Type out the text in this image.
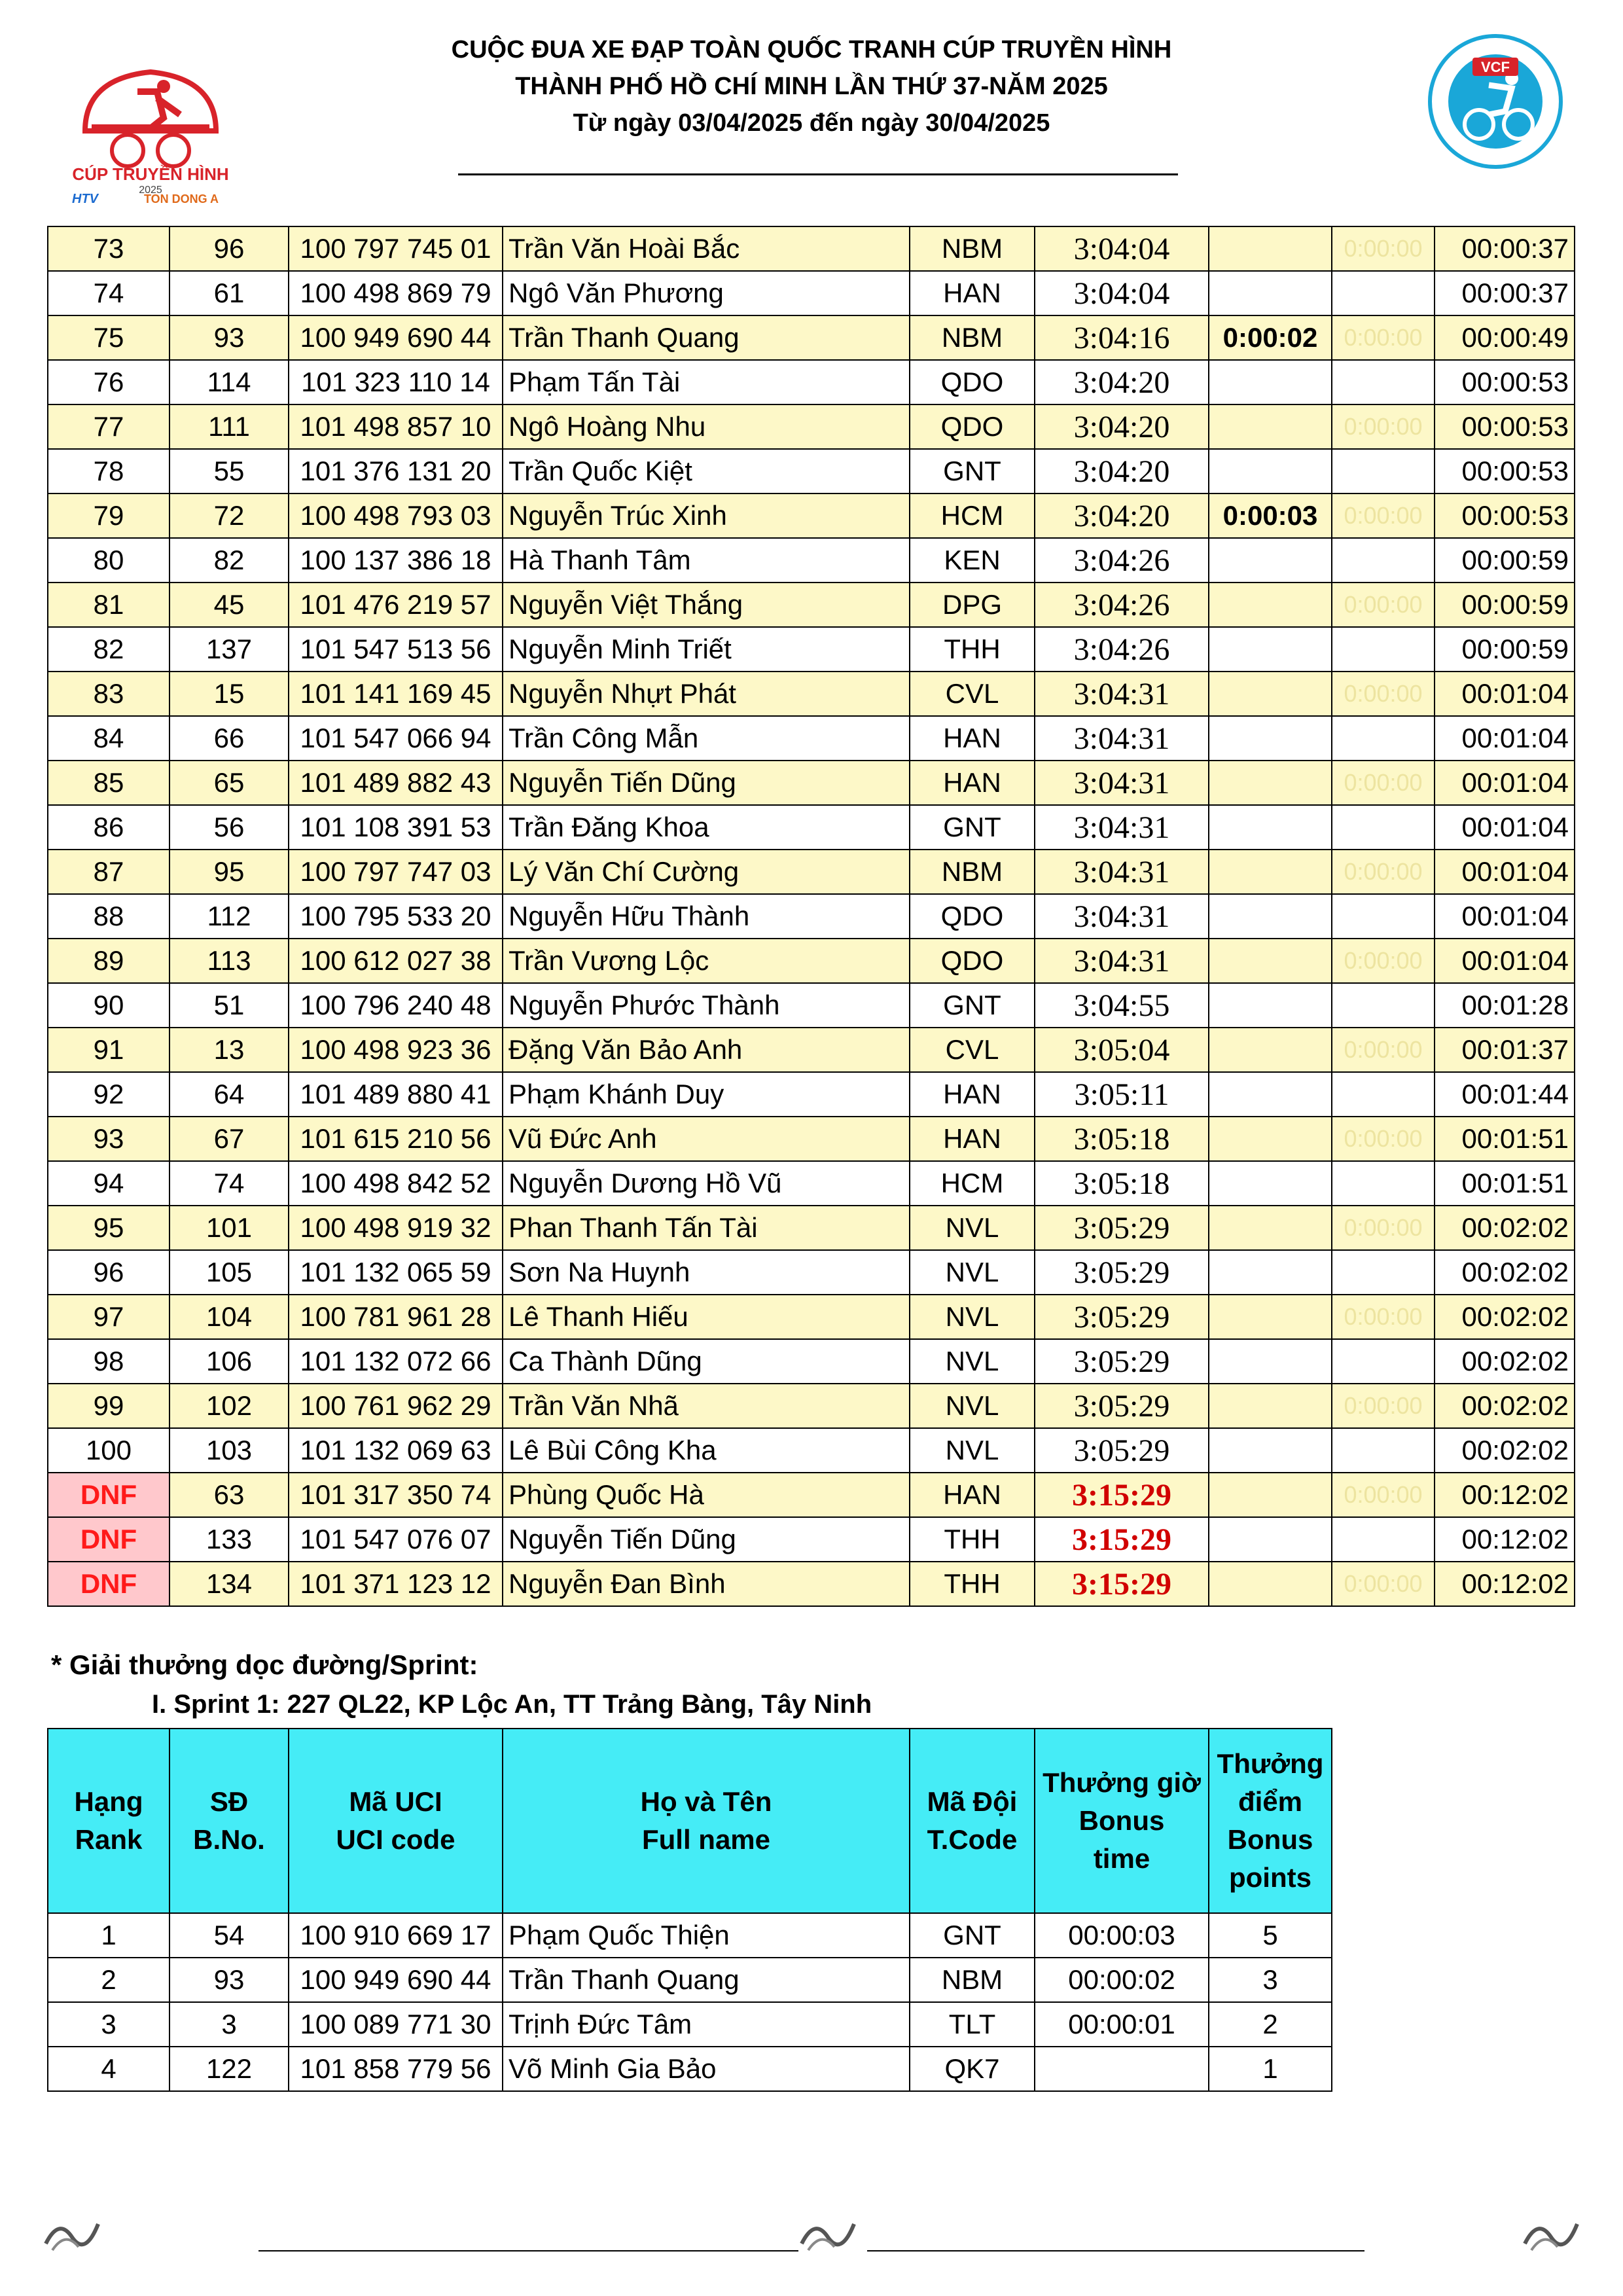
CÚP TRUYỀN HÌNH
2025
HTV	TON DONG A
CUỘC ĐUA XE ĐẠP TOÀN QUỐC TRANH CÚP TRUYỀN HÌNH
THÀNH PHỐ HỒ CHÍ MINH LẦN THỨ 37-NĂM 2025
Từ ngày 03/04/2025 đến ngày 30/04/2025
VCF
73	96	100 797 745 01	Trần Văn Hoài Bắc	NBM	3:04:04		0:00:00	00:00:37
74	61	100 498 869 79	Ngô Văn Phương	HAN	3:04:04			00:00:37
75	93	100 949 690 44	Trần Thanh Quang	NBM	3:04:16	0:00:02	0:00:00	00:00:49
76	114	101 323 110 14	Phạm Tấn Tài	QDO	3:04:20			00:00:53
77	111	101 498 857 10	Ngô Hoàng Nhu	QDO	3:04:20		0:00:00	00:00:53
78	55	101 376 131 20	Trần Quốc Kiệt	GNT	3:04:20			00:00:53
79	72	100 498 793 03	Nguyễn Trúc Xinh	HCM	3:04:20	0:00:03	0:00:00	00:00:53
80	82	100 137 386 18	Hà Thanh Tâm	KEN	3:04:26			00:00:59
81	45	101 476 219 57	Nguyễn Việt Thắng	DPG	3:04:26		0:00:00	00:00:59
82	137	101 547 513 56	Nguyễn Minh Triết	THH	3:04:26			00:00:59
83	15	101 141 169 45	Nguyễn Nhựt Phát	CVL	3:04:31		0:00:00	00:01:04
84	66	101 547 066 94	Trần Công Mẫn	HAN	3:04:31			00:01:04
85	65	101 489 882 43	Nguyễn Tiến Dũng	HAN	3:04:31		0:00:00	00:01:04
86	56	101 108 391 53	Trần Đăng Khoa	GNT	3:04:31			00:01:04
87	95	100 797 747 03	Lý Văn Chí Cường	NBM	3:04:31		0:00:00	00:01:04
88	112	100 795 533 20	Nguyễn Hữu Thành	QDO	3:04:31			00:01:04
89	113	100 612 027 38	Trần Vương Lộc	QDO	3:04:31		0:00:00	00:01:04
90	51	100 796 240 48	Nguyễn Phước Thành	GNT	3:04:55			00:01:28
91	13	100 498 923 36	Đặng Văn Bảo Anh	CVL	3:05:04		0:00:00	00:01:37
92	64	101 489 880 41	Phạm Khánh Duy	HAN	3:05:11			00:01:44
93	67	101 615 210 56	Vũ Đức Anh	HAN	3:05:18		0:00:00	00:01:51
94	74	100 498 842 52	Nguyễn Dương Hồ Vũ	HCM	3:05:18			00:01:51
95	101	100 498 919 32	Phan Thanh Tấn Tài	NVL	3:05:29		0:00:00	00:02:02
96	105	101 132 065 59	Sơn Na Huynh	NVL	3:05:29			00:02:02
97	104	100 781 961 28	Lê Thanh Hiếu	NVL	3:05:29		0:00:00	00:02:02
98	106	101 132 072 66	Ca Thành Dũng	NVL	3:05:29			00:02:02
99	102	100 761 962 29	Trần Văn Nhã	NVL	3:05:29		0:00:00	00:02:02
100	103	101 132 069 63	Lê Bùi Công Kha	NVL	3:05:29			00:02:02
DNF	63	101 317 350 74	Phùng Quốc Hà	HAN	3:15:29		0:00:00	00:12:02
DNF	133	101 547 076 07	Nguyễn Tiến Dũng	THH	3:15:29			00:12:02
DNF	134	101 371 123 12	Nguyễn Đan Bình	THH	3:15:29		0:00:00	00:12:02
* Giải thưởng dọc đường/Sprint:
I. Sprint 1: 227 QL22, KP Lộc An, TT Trảng Bàng, Tây Ninh
Hạng
Rank	SĐ
B.No.	Mã UCI
UCI code	Họ và Tên
Full name	Mã Đội
T.Code	Thưởng giờ
Bonus
time	Thưởng
điểm
Bonus
points
1	54	100 910 669 17	Phạm Quốc Thiện	GNT	00:00:03	5
2	93	100 949 690 44	Trần Thanh Quang	NBM	00:00:02	3
3	3	100 089 771 30	Trịnh Đức Tâm	TLT	00:00:01	2
4	122	101 858 779 56	Võ Minh Gia Bảo	QK7		1
